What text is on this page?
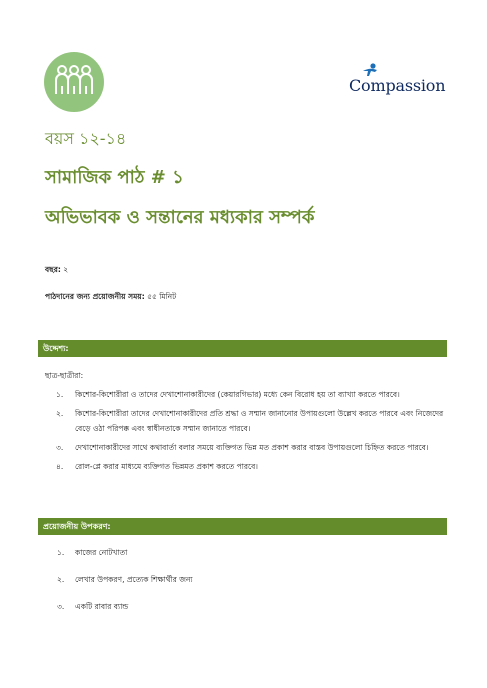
Compassion
বয়স ১২-১৪
সামাজিক পাঠ # ১
অভিভাবক ও সন্তানের মধ্যকার সম্পর্ক
বছর: ২
পাঠদানের জন্য প্রয়োজনীয় সময়: ৫৫ মিনিট
উদ্দেশ্য:
ছাত্র-ছাত্রীরা:
১. কিশোর-কিশোরীরা ও তাদের দেখাশোনাকারীদের (কেয়ারগিভার) মধ্যে কেন বিরোধ হয় তা ব্যাখ্যা করতে পারবে।
২. কিশোর-কিশোরীরা তাদের দেখাশোনাকারীদের প্রতি শ্রদ্ধা ও সম্মান জানানোর উপায়গুলো উল্লেখ করতে পারবে এবং নিজেদের বেড়ে ওঠা পরিপক্ক এবং স্বাধীনতাকে সম্মান জানাতে পারবে।
৩. দেখাশোনাকারীদের সাথে কথাবার্তা বলার সময়ে ব্যক্তিগত ভিন্ন মত প্রকাশ করার বাস্তব উপায়গুলো চিহ্নিত করতে পারবে।
৪. রোল-প্লে করার মাধ্যমে ব্যক্তিগত ভিন্নমত প্রকাশ করতে পারবে।
প্রয়োজনীয় উপকরণ:
১. কাজের নোটখাতা
২. লেখার উপকরণ, প্রত্যেক শিক্ষার্থীর জন্য
৩. একটি রাবার ব্যান্ড
